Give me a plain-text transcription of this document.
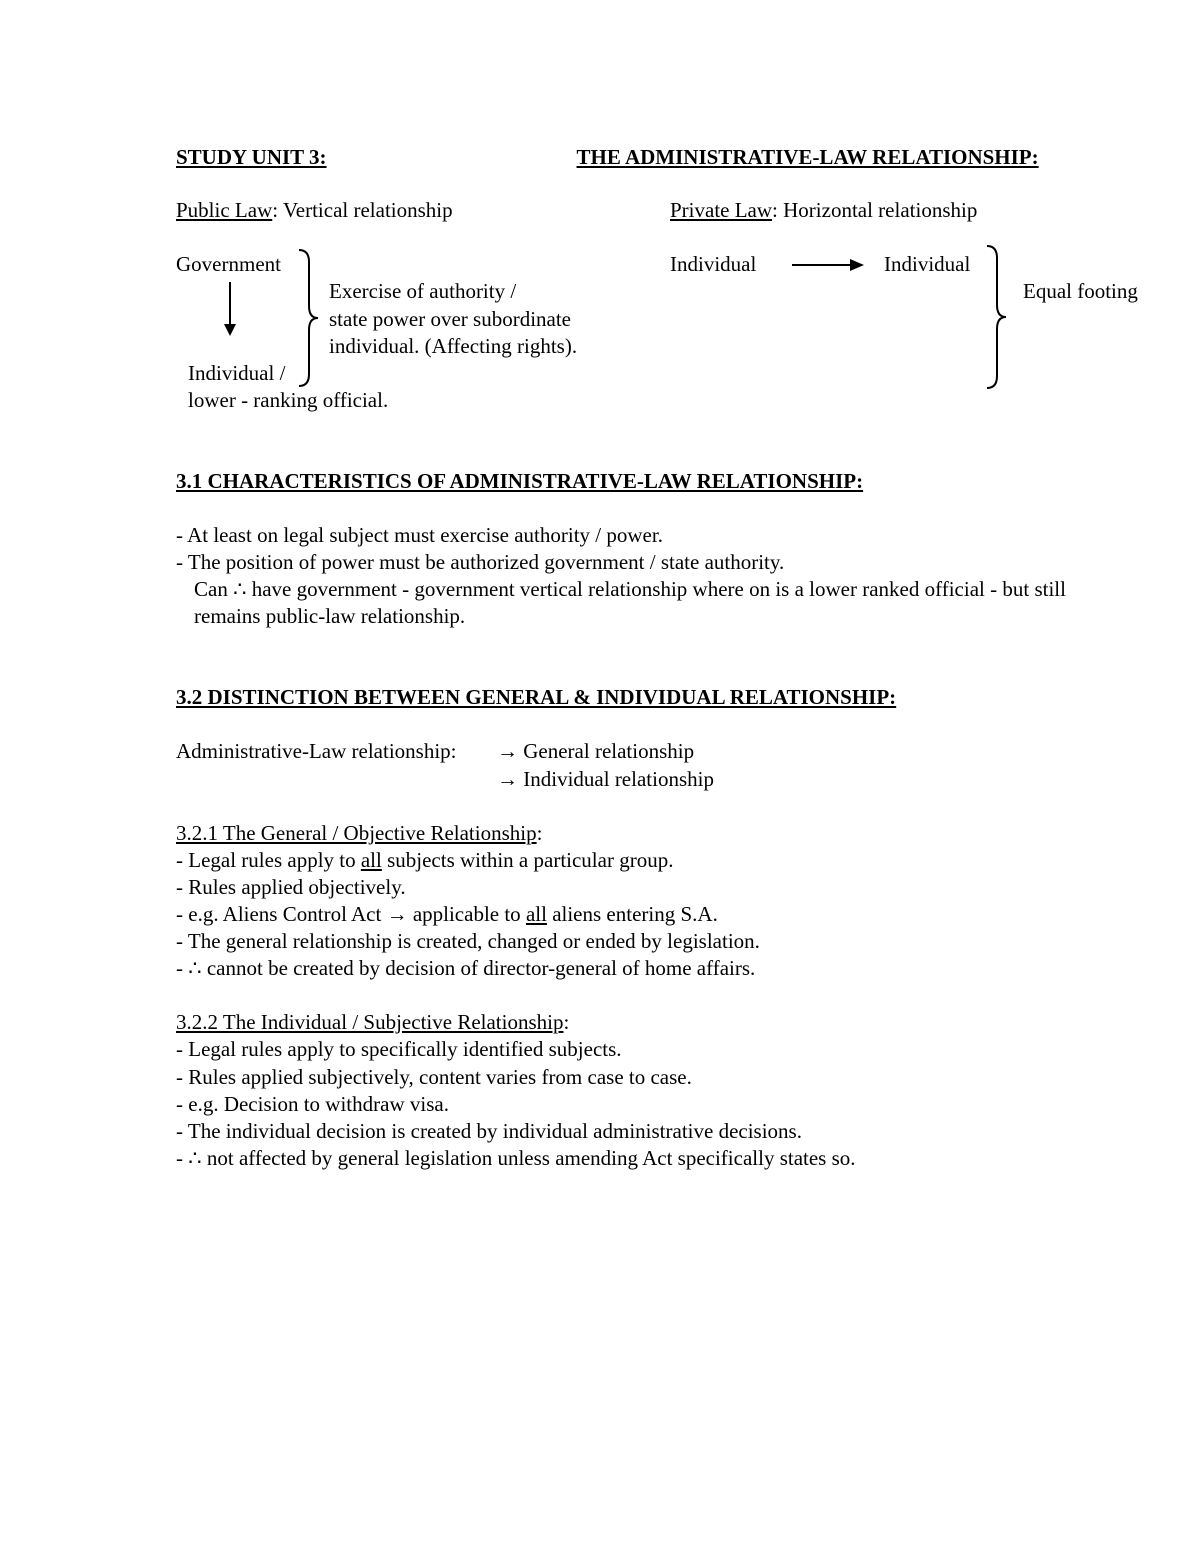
STUDY UNIT 3:	THE ADMINISTRATIVE-LAW RELATIONSHIP:
Public Law: Vertical relationship
Government
Individual /
lower - ranking official.
Exercise of authority /
state power over subordinate
individual. (Affecting rights).
Private Law: Horizontal relationship
Individual	Individual
Equal footing
3.1 CHARACTERISTICS OF ADMINISTRATIVE-LAW RELATIONSHIP:
- At least on legal subject must exercise authority / power.
- The position of power must be authorized government / state authority.
Can ∴ have government - government vertical relationship where on is a lower ranked official - but still
remains public-law relationship.
3.2 DISTINCTION BETWEEN GENERAL & INDIVIDUAL RELATIONSHIP:
Administrative-Law relationship: → General relationship
→ Individual relationship
3.2.1 The General / Objective Relationship:
- Legal rules apply to all subjects within a particular group.
- Rules applied objectively.
- e.g. Aliens Control Act → applicable to all aliens entering S.A.
- The general relationship is created, changed or ended by legislation.
- ∴ cannot be created by decision of director-general of home affairs.
3.2.2 The Individual / Subjective Relationship:
- Legal rules apply to specifically identified subjects.
- Rules applied subjectively, content varies from case to case.
- e.g. Decision to withdraw visa.
- The individual decision is created by individual administrative decisions.
- ∴ not affected by general legislation unless amending Act specifically states so.
